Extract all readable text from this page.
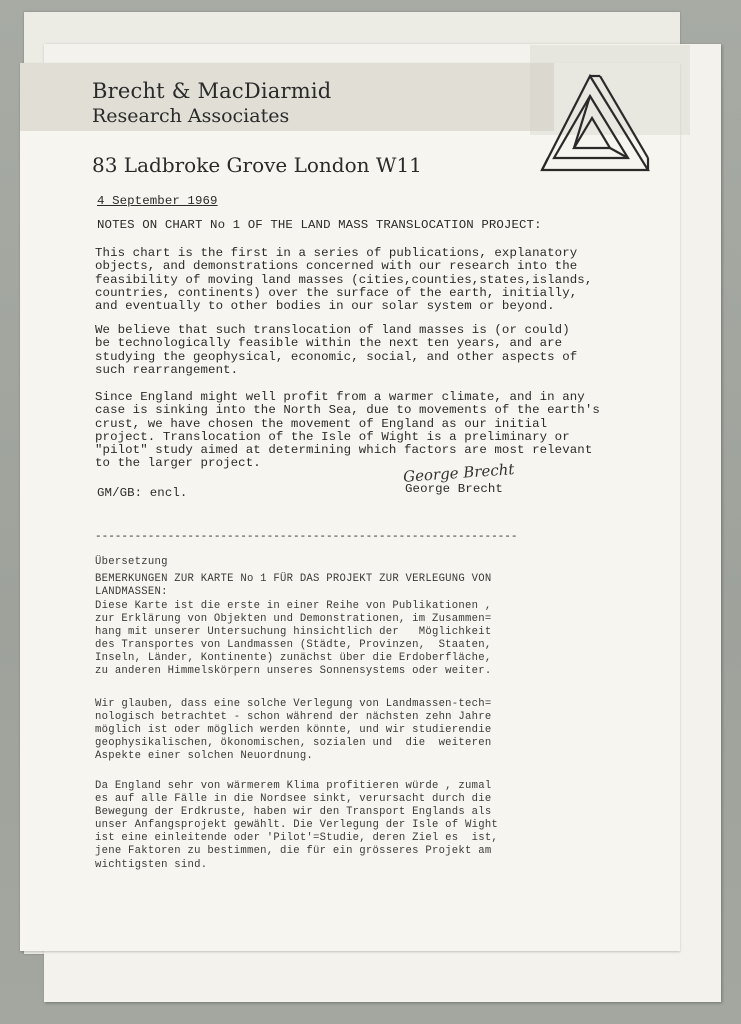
Brecht & MacDiarmid
Research Associates
83 Ladbroke Grove London W11
4 September 1969
NOTES ON CHART No 1 OF THE LAND MASS TRANSLOCATION PROJECT:
This chart is the first in a series of publications, explanatory
objects, and demonstrations concerned with our research into the
feasibility of moving land masses (cities,counties,states,islands,
countries, continents) over the surface of the earth, initially,
and eventually to other bodies in our solar system or beyond.
We believe that such translocation of land masses is (or could)
be technologically feasible within the next ten years, and are
studying the geophysical, economic, social, and other aspects of
such rearrangement.
Since England might well profit from a warmer climate, and in any
case is sinking into the North Sea, due to movements of the earth's
crust, we have chosen the movement of England as our initial
project. Translocation of the Isle of Wight is a preliminary or
"pilot" study aimed at determining which factors are most relevant
to the larger project.
GM/GB: encl.
George Brecht
George Brecht
----------------------------------------------------------------
Übersetzung
BEMERKUNGEN ZUR KARTE No 1 FÜR DAS PROJEKT ZUR VERLEGUNG VON
LANDMASSEN:
Diese Karte ist die erste in einer Reihe von Publikationen ,
zur Erklärung von Objekten und Demonstrationen, im Zusammen=
hang mit unserer Untersuchung hinsichtlich der   Möglichkeit
des Transportes von Landmassen (Städte, Provinzen,  Staaten,
Inseln, Länder, Kontinente) zunächst über die Erdoberfläche,
zu anderen Himmelskörpern unseres Sonnensystems oder weiter.
Wir glauben, dass eine solche Verlegung von Landmassen-tech=
nologisch betrachtet - schon während der nächsten zehn Jahre
möglich ist oder möglich werden könnte, und wir studierendie
geophysikalischen, ökonomischen, sozialen und  die  weiteren
Aspekte einer solchen Neuordnung.
Da England sehr von wärmerem Klima profitieren würde , zumal
es auf alle Fälle in die Nordsee sinkt, verursacht durch die
Bewegung der Erdkruste, haben wir den Transport Englands als
unser Anfangsprojekt gewählt. Die Verlegung der Isle of Wight
ist eine einleitende oder 'Pilot'=Studie, deren Ziel es  ist,
jene Faktoren zu bestimmen, die für ein grösseres Projekt am
wichtigsten sind.
